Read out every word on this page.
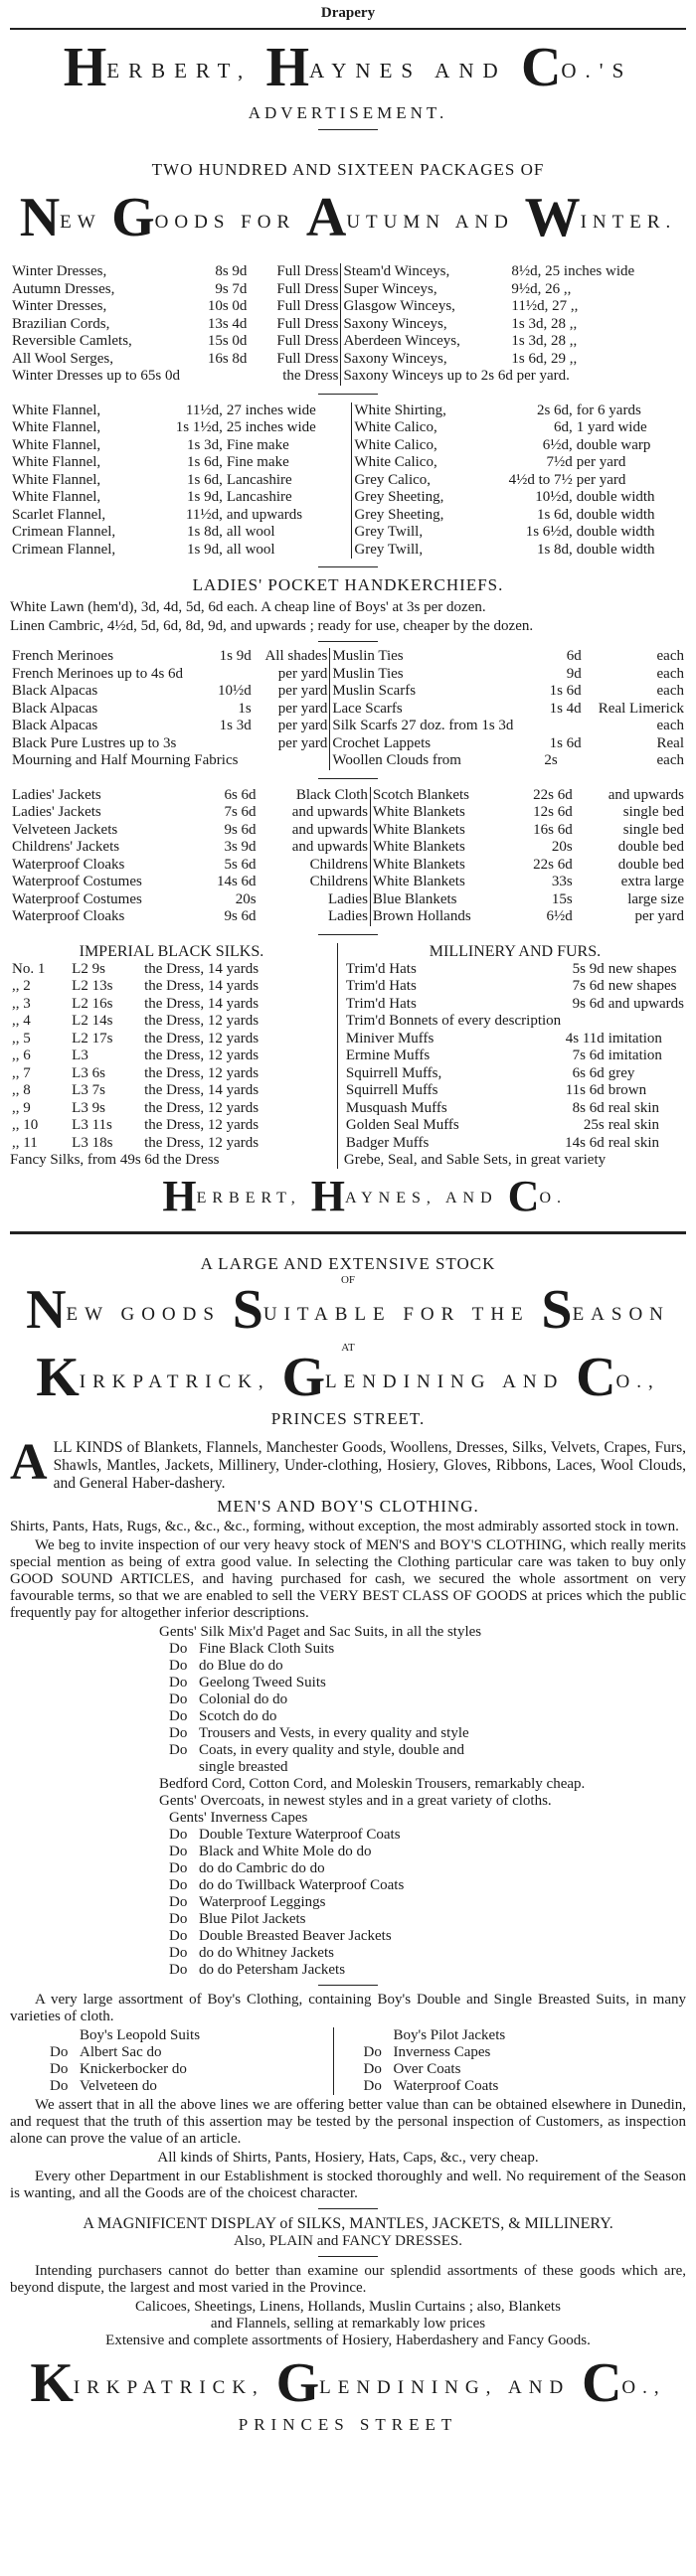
Drapery
HERBERT, HAYNES AND CO.'S
ADVERTISEMENT.
TWO HUNDRED AND SIXTEEN PACKAGES OF
NEW GOODS FOR AUTUMN AND WINTER.
Winter Dresses,	8s 9d	Full Dress	Steam'd Winceys,	8½d, 25 inches wide
Autumn Dresses,	9s 7d	Full Dress	Super Winceys,	9½d, 26 ,,
Winter Dresses,	10s 0d	Full Dress	Glasgow Winceys,	11½d, 27 ,,
Brazilian Cords,	13s 4d	Full Dress	Saxony Winceys,	1s 3d, 28 ,,
Reversible Camlets,	15s 0d	Full Dress	Aberdeen Winceys,	1s 3d, 28 ,,
All Wool Serges,	16s 8d	Full Dress	Saxony Winceys,	1s 6d, 29 ,,
Winter Dresses up to 65s 0d		the Dress	Saxony Winceys up to 2s 6d per yard.	
White Flannel,	11½d,	27 inches wide	White Shirting,	2s 6d,	for 6 yards
White Flannel,	1s 1½d,	25 inches wide	White Calico,	6d,	1 yard wide
White Flannel,	1s 3d,	Fine make	White Calico,	6½d,	double warp
White Flannel,	1s 6d,	Fine make	White Calico,	7½d	per yard
White Flannel,	1s 6d,	Lancashire	Grey Calico,	4½d to 7½	per yard
White Flannel,	1s 9d,	Lancashire	Grey Sheeting,	10½d,	double width
Scarlet Flannel,	11½d,	and upwards	Grey Sheeting,	1s 6d,	double width
Crimean Flannel,	1s 8d,	all wool	Grey Twill,	1s 6½d,	double width
Crimean Flannel,	1s 9d,	all wool	Grey Twill,	1s 8d,	double width
LADIES' POCKET HANDKERCHIEFS.
White Lawn (hem'd), 3d, 4d, 5d, 6d each. A cheap line of Boys' at 3s per dozen.
Linen Cambric, 4½d, 5d, 6d, 8d, 9d, and upwards ; ready for use, cheaper by the dozen.
French Merinoes	1s 9d	All shades	Muslin Ties	6d	each
French Merinoes up to 4s 6d		per yard	Muslin Ties	9d	each
Black Alpacas	10½d	per yard	Muslin Scarfs	1s 6d	each
Black Alpacas	1s	per yard	Lace Scarfs	1s 4d	Real Limerick
Black Alpacas	1s 3d	per yard	Silk Scarfs 27 doz. from 1s 3d		each
Black Pure Lustres up to 3s		per yard	Crochet Lappets	1s 6d	Real
Mourning and Half Mourning Fabrics			Woollen Clouds from	2s	each
Ladies' Jackets	6s 6d	Black Cloth	Scotch Blankets	22s 6d	and upwards
Ladies' Jackets	7s 6d	and upwards	White Blankets	12s 6d	single bed
Velveteen Jackets	9s 6d	and upwards	White Blankets	16s 6d	single bed
Childrens' Jackets	3s 9d	and upwards	White Blankets	20s	double bed
Waterproof Cloaks	5s 6d	Childrens	White Blankets	22s 6d	double bed
Waterproof Costumes	14s 6d	Childrens	White Blankets	33s	extra large
Waterproof Costumes	20s	Ladies	Blue Blankets	15s	large size
Waterproof Cloaks	9s 6d	Ladies	Brown Hollands	6½d	per yard
IMPERIAL BLACK SILKS.
No. 1	L2 9s	the Dress, 14 yards
,, 2	L2 13s	the Dress, 14 yards
,, 3	L2 16s	the Dress, 14 yards
,, 4	L2 14s	the Dress, 12 yards
,, 5	L2 17s	the Dress, 12 yards
,, 6	L3	the Dress, 12 yards
,, 7	L3 6s	the Dress, 12 yards
,, 8	L3 7s	the Dress, 14 yards
,, 9	L3 9s	the Dress, 12 yards
,, 10	L3 11s	the Dress, 12 yards
,, 11	L3 18s	the Dress, 12 yards
Fancy Silks, from 49s 6d the Dress
MILLINERY AND FURS.
Trim'd Hats	5s 9d	new shapes
Trim'd Hats	7s 6d	new shapes
Trim'd Hats	9s 6d	and upwards
Trim'd Bonnets of every description		
Miniver Muffs	4s 11d	imitation
Ermine Muffs	7s 6d	imitation
Squirrell Muffs,	6s 6d	grey
Squirrell Muffs	11s 6d	brown
Musquash Muffs	8s 6d	real skin
Golden Seal Muffs	25s	real skin
Badger Muffs	14s 6d	real skin
Grebe, Seal, and Sable Sets, in great variety
HERBERT, HAYNES, AND CO.
A LARGE AND EXTENSIVE STOCK
OF
NEW GOODS SUITABLE FOR THE SEASON
AT
KIRKPATRICK, GLENDINING AND CO.,
PRINCES STREET.
ALL KINDS of Blankets, Flannels, Manchester Goods, Woollens, Dresses, Silks, Velvets, Crapes, Furs, Shawls, Mantles, Jackets, Millinery, Under-clothing, Hosiery, Gloves, Ribbons, Laces, Wool Clouds, and General Haber-dashery.
MEN'S AND BOY'S CLOTHING.
Shirts, Pants, Hats, Rugs, &c., &c., &c., forming, without exception, the most admirably assorted stock in town.
We beg to invite inspection of our very heavy stock of MEN'S and BOY'S CLOTHING, which really merits special mention as being of extra good value. In selecting the Clothing particular care was taken to buy only GOOD SOUND ARTICLES, and having purchased for cash, we secured the whole assortment on very favourable terms, so that we are enabled to sell the VERY BEST CLASS OF GOODS at prices which the public frequently pay for altogether inferior descriptions.
Gents' Silk Mix'd Paget and Sac Suits, in all the styles
Do Fine Black Cloth Suits
Do do Blue do do
Do Geelong Tweed Suits
Do Colonial do do
Do Scotch do do
Do Trousers and Vests, in every quality and style
Do Coats, in every quality and style, double and
single breasted
Bedford Cord, Cotton Cord, and Moleskin Trousers, remarkably cheap.
Gents' Overcoats, in newest styles and in a great variety of cloths.
Gents' Inverness Capes
Do Double Texture Waterproof Coats
Do Black and White Mole do do
Do do do Cambric do do
Do do do Twillback Waterproof Coats
Do Waterproof Leggings
Do Blue Pilot Jackets
Do Double Breasted Beaver Jackets
Do do do Whitney Jackets
Do do do Petersham Jackets
A very large assortment of Boy's Clothing, containing Boy's Double and Single Breasted Suits, in many varieties of cloth.
Boy's Leopold Suits
Do Albert Sac do
Do Knickerbocker do
Do Velveteen do
Boy's Pilot Jackets
Do Inverness Capes
Do Over Coats
Do Waterproof Coats
We assert that in all the above lines we are offering better value than can be obtained elsewhere in Dunedin, and request that the truth of this assertion may be tested by the personal inspection of Customers, as inspection alone can prove the value of an article.
All kinds of Shirts, Pants, Hosiery, Hats, Caps, &c., very cheap.
Every other Department in our Establishment is stocked thoroughly and well. No requirement of the Season is wanting, and all the Goods are of the choicest character.
A MAGNIFICENT DISPLAY of SILKS, MANTLES, JACKETS, & MILLINERY.
Also, PLAIN and FANCY DRESSES.
Intending purchasers cannot do better than examine our splendid assortments of these goods which are, beyond dispute, the largest and most varied in the Province.
Calicoes, Sheetings, Linens, Hollands, Muslin Curtains ; also, Blankets
and Flannels, selling at remarkably low prices
Extensive and complete assortments of Hosiery, Haberdashery and Fancy Goods.
KIRKPATRICK, GLENDINING, AND CO.,
PRINCES STREET
